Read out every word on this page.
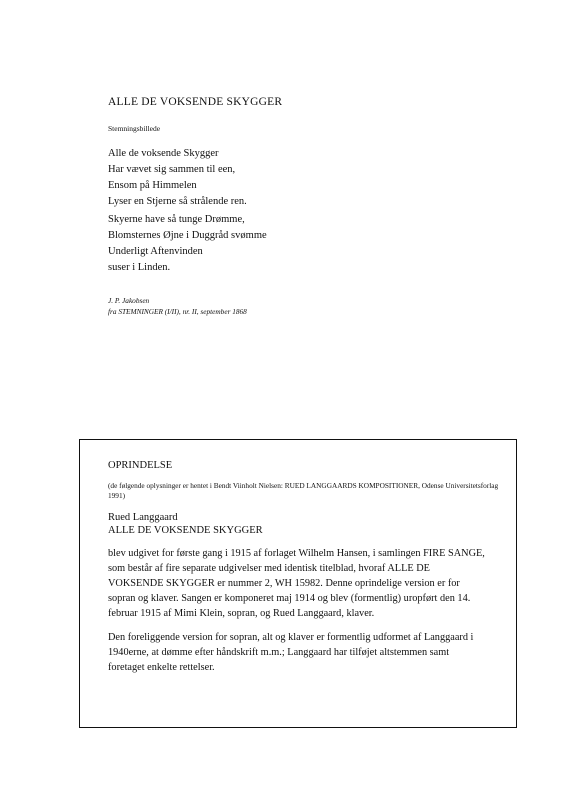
ALLE DE VOKSENDE SKYGGER
Stemningsbillede
Alle de voksende Skygger
Har vævet sig sammen til een,
Ensom på Himmelen
Lyser en Stjerne så strålende ren.
Skyerne have så tunge Drømme,
Blomsternes Øjne i Duggråd svømme
Underligt Aftenvinden
suser i Linden.
J. P. Jakobsen
fra STEMNINGER (I/II), nr. II, september 1868
OPRINDELSE
(de følgende oplysninger er hentet i Bendt Viinholt Nielsen: RUED LANGGAARDS KOMPOSITIONER, Odense Universitetsforlag 1991)
Rued Langgaard
ALLE DE VOKSENDE SKYGGER
blev udgivet for første gang i 1915 af forlaget Wilhelm Hansen, i samlingen FIRE SANGE,
som består af fire separate udgivelser med identisk titelblad, hvoraf ALLE DE
VOKSENDE SKYGGER er nummer 2, WH 15982. Denne oprindelige version er for
sopran og klaver. Sangen er komponeret maj 1914 og blev (formentlig) uropført den 14.
februar 1915 af Mimi Klein, sopran, og Rued Langgaard, klaver.
Den foreliggende version for sopran, alt og klaver er formentlig udformet af Langgaard i
1940erne, at dømme efter håndskrift m.m.; Langgaard har tilføjet altstemmen samt
foretaget enkelte rettelser.
